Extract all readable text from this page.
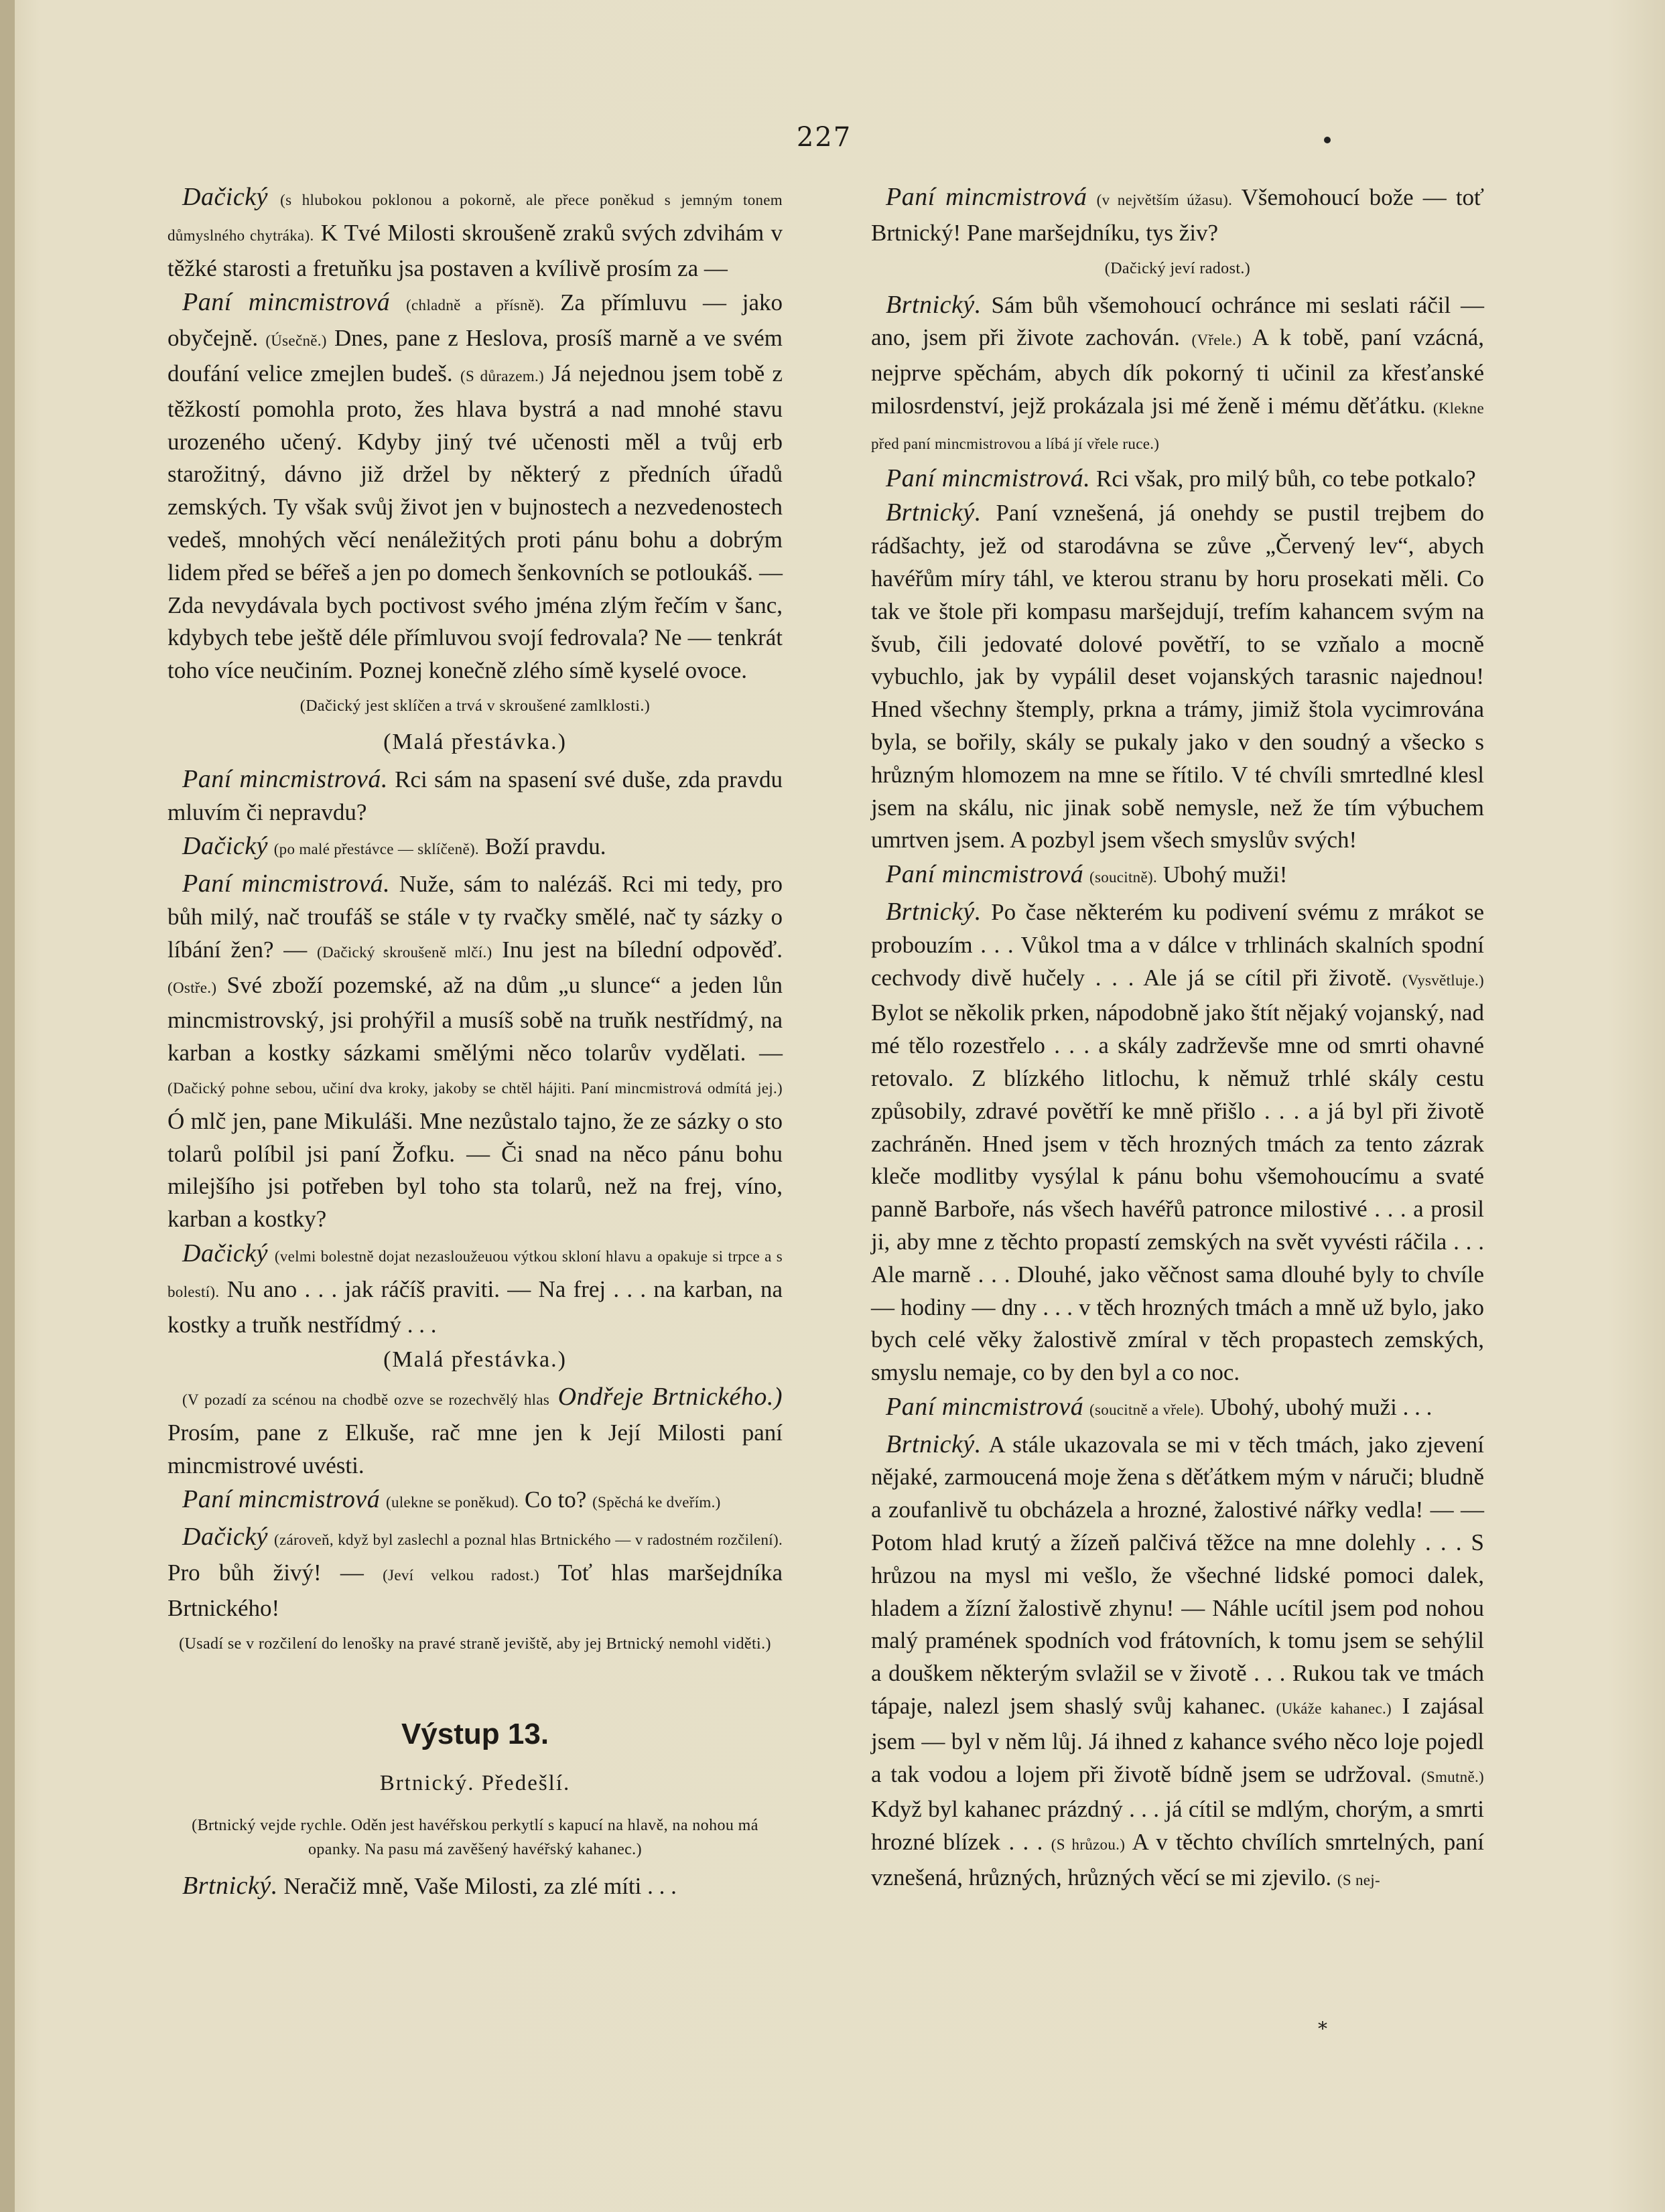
227

Dačický (s hlubokou poklonou a pokorně, ale přece poněkud s jemným tonem důmyslného chytráka). K Tvé Milosti skroušeně zraků svých zdvihám v těžké starosti a fretuňku jsa postaven a kvílivě prosím za —

Paní mincmistrová (chladně a přísně). Za přímluvu — jako obyčejně. (Úsečně.) Dnes, pane z Heslova, prosíš marně a ve svém doufání velice zmejlen budeš. (S důrazem.) Já nejednou jsem tobě z těžkostí pomohla proto, žes hlava bystrá a nad mnohé stavu urozeného učený. Kdyby jiný tvé učenosti měl a tvůj erb starožitný, dávno již držel by některý z předních úřadů zemských. Ty však svůj život jen v bujnostech a nezvedenostech vedeš, mnohých věcí nenáležitých proti pánu bohu a dobrým lidem před se béřeš a jen po domech šenkovních se potloukáš. — Zda nevydávala bych poctivost svého jména zlým řečím v šanc, kdybych tebe ještě déle přímluvou svojí fedrovala? Ne — tenkrát toho více neučiním. Poznej konečně zlého símě kyselé ovoce.

(Dačický jest sklíčen a trvá v skroušené zamlklosti.)

(Malá přestávka.)

Paní mincmistrová. Rci sám na spasení své duše, zda pravdu mluvím či nepravdu?

Dačický (po malé přestávce — sklíčeně). Boží pravdu.

Paní mincmistrová. Nuže, sám to nalézáš. Rci mi tedy, pro bůh milý, nač troufáš se stále v ty rvačky smělé, nač ty sázky o líbání žen? — (Dačický skroušeně mlčí.) Inu jest na bílední odpověď. (Ostře.) Své zboží pozemské, až na dům „u slunce“ a jeden lůn mincmistrovský, jsi prohýřil a musíš sobě na truňk nestřídmý, na karban a kostky sázkami smělými něco tolarův vydělati. — (Dačický pohne sebou, učiní dva kroky, jakoby se chtěl hájiti. Paní mincmistrová odmítá jej.) Ó mlč jen, pane Mikuláši. Mne nezůstalo tajno, že ze sázky o sto tolarů políbil jsi paní Žofku. — Či snad na něco pánu bohu milejšího jsi potřeben byl toho sta tolarů, než na frej, víno, karban a kostky?

Dačický (velmi bolestně dojat nezasloužeuou výtkou skloní hlavu a opakuje si trpce a s bolestí). Nu ano . . . jak ráčíš praviti. — Na frej . . . na karban, na kostky a truňk nestřídmý . . .

(Malá přestávka.)

(V pozadí za scénou na chodbě ozve se rozechvělý hlas Ondřeje Brtnického.) Prosím, pane z Elkuše, rač mne jen k Její Milosti paní mincmistrové uvésti.

Paní mincmistrová (ulekne se poněkud). Co to? (Spěchá ke dveřím.)

Dačický (zároveň, když byl zaslechl a poznal hlas Brtnického — v radostném rozčilení). Pro bůh živý! — (Jeví velkou radost.) Toť hlas maršejdníka Brtnického!

(Usadí se v rozčilení do lenošky na pravé straně jeviště, aby jej Brtnický nemohl viděti.)

Výstup 13.
Brtnický. Předešlí.

(Brtnický vejde rychle. Oděn jest havéřskou perkytlí s kapucí na hlavě, na nohou má opanky. Na pasu má zavěšený havéřský kahanec.)

Brtnický. Neračiž mně, Vaše Milosti, za zlé míti . . .

Paní mincmistrová (v největším úžasu). Všemohoucí bože — toť Brtnický! Pane maršejdníku, tys živ?

(Dačický jeví radost.)

Brtnický. Sám bůh všemohoucí ochránce mi seslati ráčil — ano, jsem při živote zachován. (Vřele.) A k tobě, paní vzácná, nejprve spěchám, abych dík pokorný ti učinil za křesťanské milosrdenství, jejž prokázala jsi mé ženě i mému děťátku. (Klekne před paní mincmistrovou a líbá jí vřele ruce.)

Paní mincmistrová. Rci však, pro milý bůh, co tebe potkalo?

Brtnický. Paní vznešená, já onehdy se pustil trejbem do rádšachty, jež od starodávna se zůve „Červený lev“, abych havéřům míry táhl, ve kterou stranu by horu prosekati měli. Co tak ve štole při kompasu maršejdují, trefím kahancem svým na švub, čili jedovaté dolové povětří, to se vzňalo a mocně vybuchlo, jak by vypálil deset vojanských tarasnic najednou! Hned všechny štemply, prkna a trámy, jimiž štola vycimrována byla, se bořily, skály se pukaly jako v den soudný a všecko s hrůzným hlomozem na mne se řítilo. V té chvíli smrtedlné klesl jsem na skálu, nic jinak sobě nemysle, než že tím výbuchem umrtven jsem. A pozbyl jsem všech smyslův svých!

Paní mincmistrová (soucitně). Ubohý muži!

Brtnický. Po čase některém ku podivení svému z mrákot se probouzím . . . Vůkol tma a v dálce v trhlinách skalních spodní cechvody divě hučely . . . Ale já se cítil při životě. (Vysvětluje.) Bylot se několik prken, nápodobně jako štít nějaký vojanský, nad mé tělo rozestřelo . . . a skály zadrževše mne od smrti ohavné retovalo. Z blízkého litlochu, k němuž trhlé skály cestu způsobily, zdravé povětří ke mně přišlo . . . a já byl při životě zachráněn. Hned jsem v těch hrozných tmách za tento zázrak kleče modlitby vysýlal k pánu bohu všemohoucímu a svaté panně Barboře, nás všech havéřů patronce milostivé . . . a prosil ji, aby mne z těchto propastí zemských na svět vyvésti ráčila . . . Ale marně . . . Dlouhé, jako věčnost sama dlouhé byly to chvíle — hodiny — dny . . . v těch hrozných tmách a mně už bylo, jako bych celé věky žalostivě zmíral v těch propastech zemských, smyslu nemaje, co by den byl a co noc.

Paní mincmistrová (soucitně a vřele). Ubohý, ubohý muži . . .

Brtnický. A stále ukazovala se mi v těch tmách, jako zjevení nějaké, zarmoucená moje žena s děťátkem mým v náruči; bludně a zoufanlivě tu obcházela a hrozné, žalostivé nářky vedla! — — Potom hlad krutý a žízeň palčivá těžce na mne dolehly . . . S hrůzou na mysl mi vešlo, že všechné lidské pomoci dalek, hladem a žízní žalostivě zhynu! — Náhle ucítil jsem pod nohou malý pramének spodních vod frátovních, k tomu jsem se sehýlil a douškem některým svlažil se v životě . . . Rukou tak ve tmách tápaje, nalezl jsem shaslý svůj kahanec. (Ukáže kahanec.) I zajásal jsem — byl v něm lůj. Já ihned z kahance svého něco loje pojedl a tak vodou a lojem při životě bídně jsem se udržoval. (Smutně.) Když byl kahanec prázdný . . . já cítil se mdlým, chorým, a smrti hrozné blízek . . . (S hrůzou.) A v těchto chvílích smrtelných, paní vznešená, hrůzných, hrůzných věcí se mi zjevilo. (S nej-

*
